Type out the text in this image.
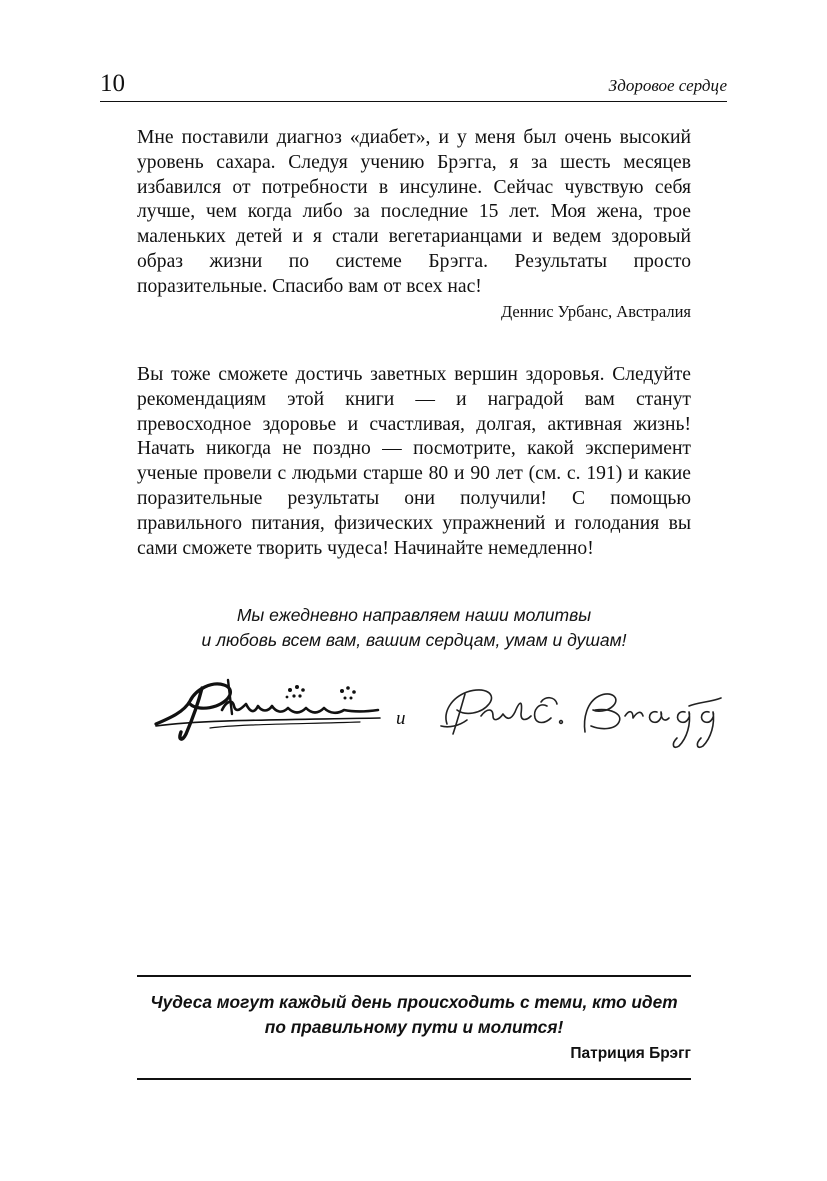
10	Здоровое сердце

Мне поставили диагноз «диабет», и у меня был очень высокий уровень сахара. Следуя учению Брэгга, я за шесть месяцев избавился от потребности в инсулине. Сейчас чувствую себя лучше, чем когда либо за последние 15 лет. Моя жена, трое маленьких детей и я стали вегетарианцами и ведем здоровый образ жизни по системе Брэгга. Результаты просто поразительные. Спасибо вам от всех нас!

Деннис Урбанс, Австралия

Вы тоже сможете достичь заветных вершин здоровья. Следуйте рекомендациям этой книги — и наградой вам станут превосходное здоровье и счастливая, долгая, активная жизнь! Начать никогда не поздно — посмотрите, какой эксперимент ученые провели с людьми старше 80 и 90 лет (см. с. 191) и какие поразительные результаты они получили! С помощью правильного питания, физических упражнений и голодания вы сами сможете творить чудеса! Начинайте немедленно!

Мы ежедневно направляем наши молитвы
и любовь всем вам, вашим сердцам, умам и душам!
и
Чудеса могут каждый день происходить с теми, кто идет
по правильному пути и молится!
Патриция Брэгг
